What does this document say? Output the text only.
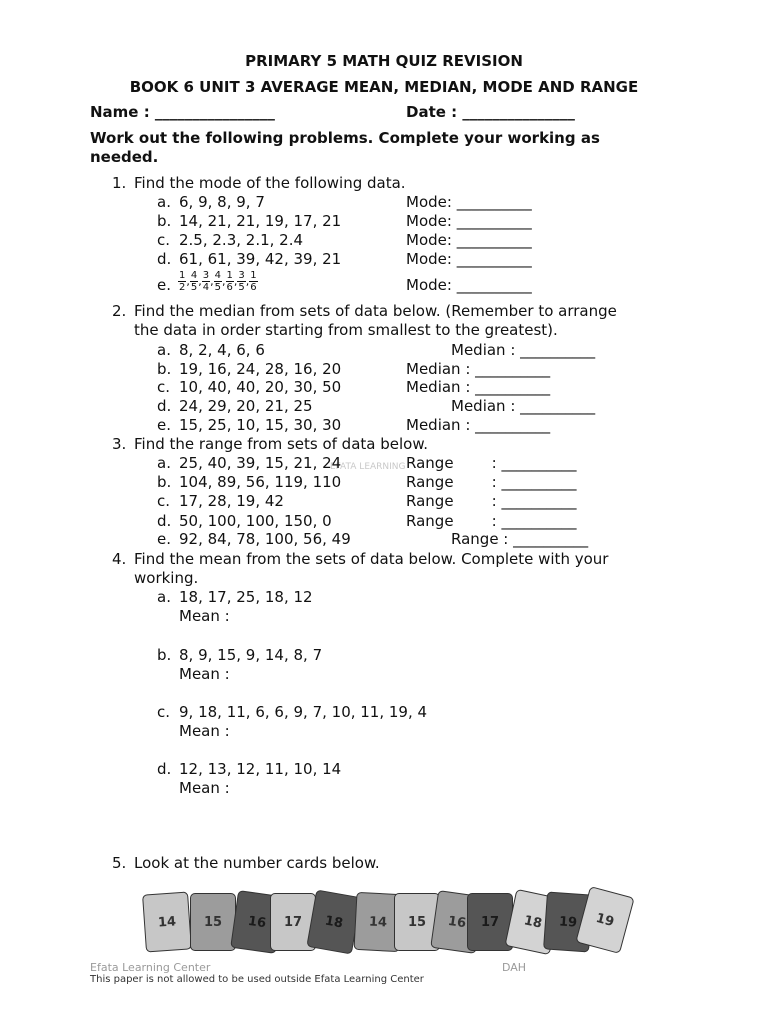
PRIMARY 5 MATH QUIZ REVISION
BOOK 6 UNIT 3 AVERAGE MEAN, MEDIAN, MODE AND RANGE
Name : ________________	Date : _______________
Work out the following problems. Complete your working as
needed.
1. Find the mode of the following data.
a. 6, 9, 8, 9, 7	Mode: __________
b. 14, 21, 21, 19, 17, 21	Mode: __________
c. 2.5, 2.3, 2.1, 2.4	Mode: __________
d. 61, 61, 39, 42, 39, 21	Mode: __________
e. $\frac{1}{2}$ , $\frac{4}{5}$ , $\frac{3}{4}$ , $\frac{4}{5}$ , $\frac{1}{6}$ , $\frac{3}{5}$ , $\frac{1}{6}$	Mode: __________
2. Find the median from sets of data below. (Remember to arrange
the data in order starting from smallest to the greatest).
a. 8, 2, 4, 6, 6	Median : __________
b. 19, 16, 24, 28, 16, 20	Median : __________
c. 10, 40, 40, 20, 30, 50	Median : __________
d. 24, 29, 20, 21, 25	Median : __________
e. 15, 25, 10, 15, 30, 30	Median : __________
3. Find the range from sets of data below.
EFATA LEARNING
a. 25, 40, 39, 15, 21, 24	Range        : __________
b. 104, 89, 56, 119, 110	Range        : __________
c. 17, 28, 19, 42	Range        : __________
d. 50, 100, 100, 150, 0	Range        : __________
e. 92, 84, 78, 100, 56, 49	Range : __________
4. Find the mean from the sets of data below. Complete with your
working.
a. 18, 17, 25, 18, 12
Mean :
b. 8, 9, 15, 9, 14, 8, 7
Mean :
c. 9, 18, 11, 6, 6, 9, 7, 10, 11, 19, 4
Mean :
d. 12, 13, 12, 11, 10, 14
Mean :
5. Look at the number cards below.
14 15 16 17 18 14 15 16 17 18 19 19
Efata Learning Center	DAH
This paper is not allowed to be used outside Efata Learning Center
